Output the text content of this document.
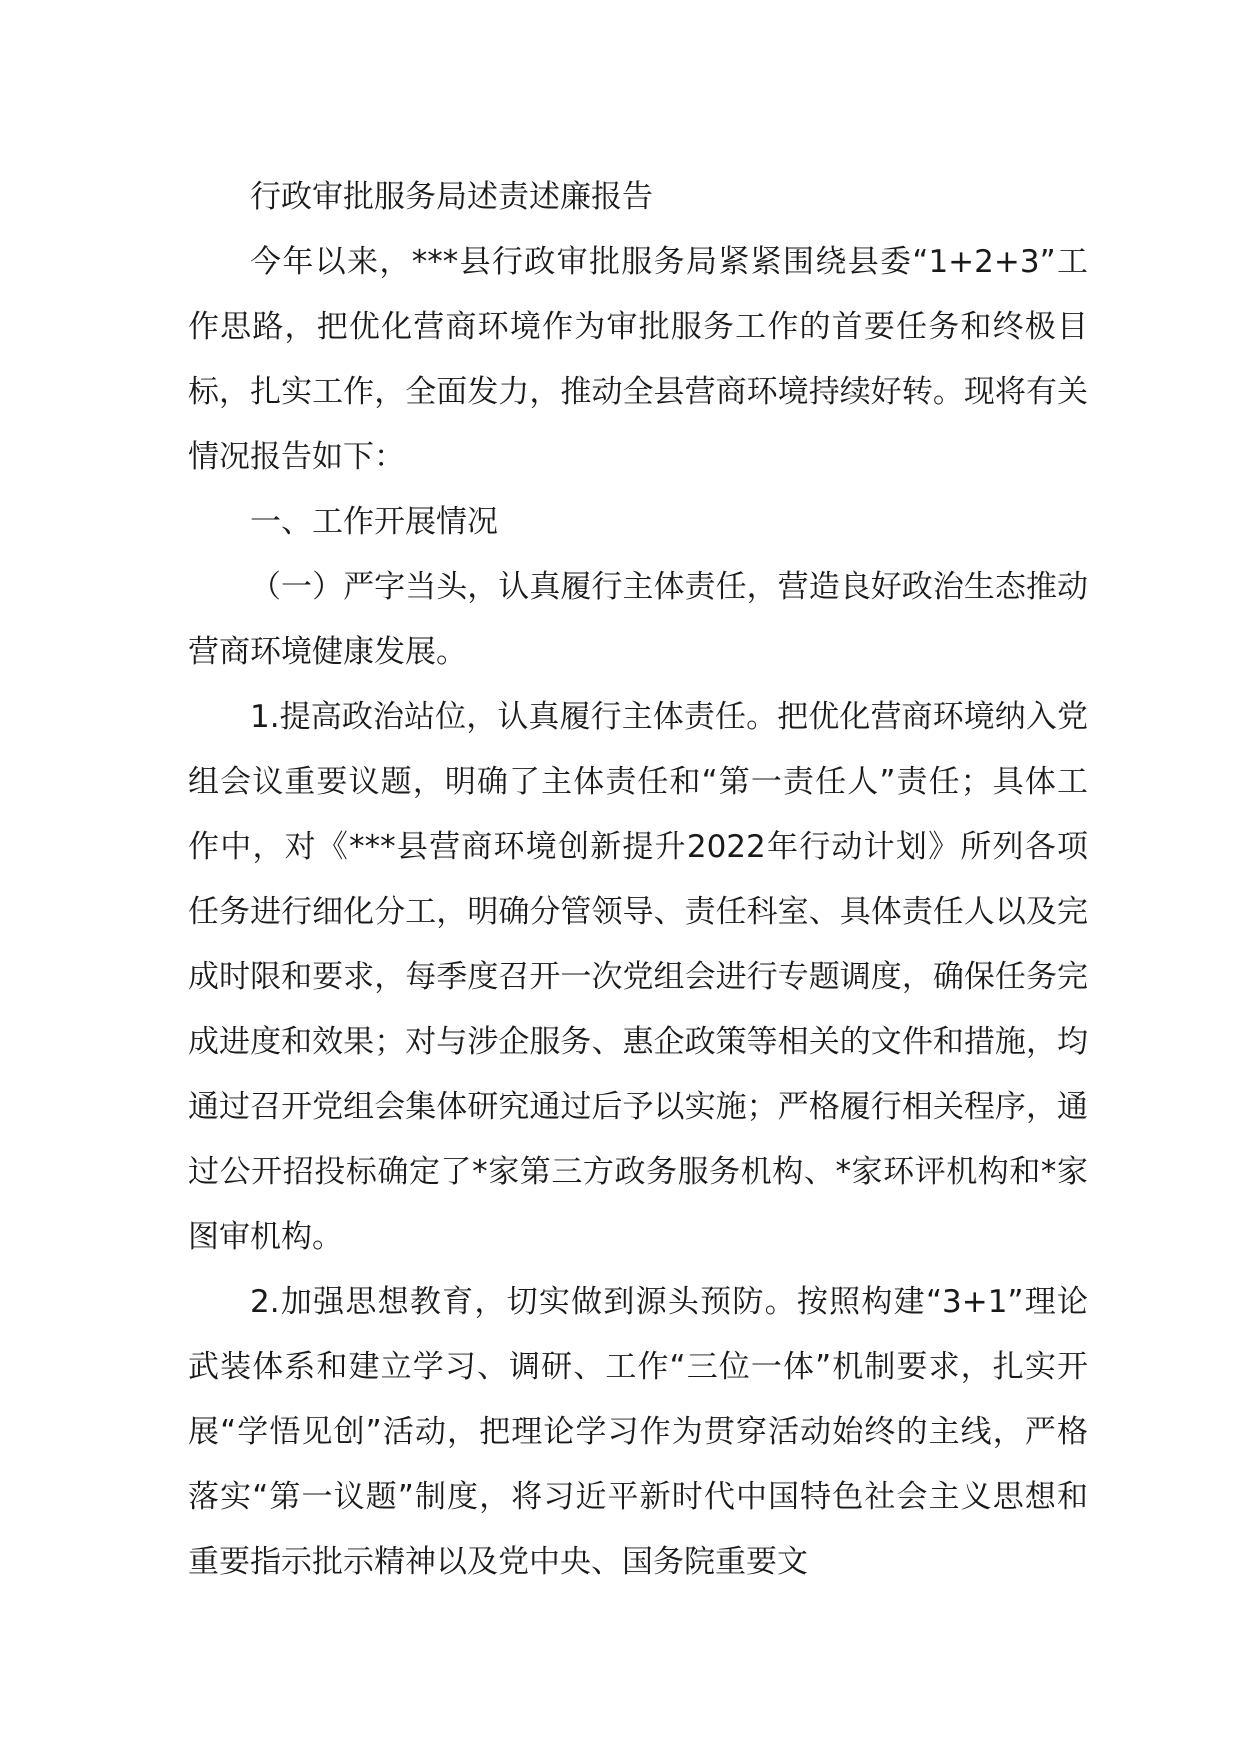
行政审批服务局述责述廉报告

今年以来，***县行政审批服务局紧紧围绕县委“1+2+3”工作思路，把优化营商环境作为审批服务工作的首要任务和终极目标，扎实工作，全面发力，推动全县营商环境持续好转。现将有关情况报告如下：

一、工作开展情况

（一）严字当头，认真履行主体责任，营造良好政治生态推动营商环境健康发展。

1.提高政治站位，认真履行主体责任。把优化营商环境纳入党组会议重要议题，明确了主体责任和“第一责任人”责任；具体工作中，对《***县营商环境创新提升2022年行动计划》所列各项任务进行细化分工，明确分管领导、责任科室、具体责任人以及完成时限和要求，每季度召开一次党组会进行专题调度，确保任务完成进度和效果；对与涉企服务、惠企政策等相关的文件和措施，均通过召开党组会集体研究通过后予以实施；严格履行相关程序，通过公开招投标确定了*家第三方政务服务机构、*家环评机构和*家图审机构。

2.加强思想教育，切实做到源头预防。按照构建“3+1”理论武装体系和建立学习、调研、工作“三位一体”机制要求，扎实开展“学悟见创”活动，把理论学习作为贯穿活动始终的主线，严格落实“第一议题”制度，将习近平新时代中国特色社会主义思想和重要指示批示精神以及党中央、国务院重要文
